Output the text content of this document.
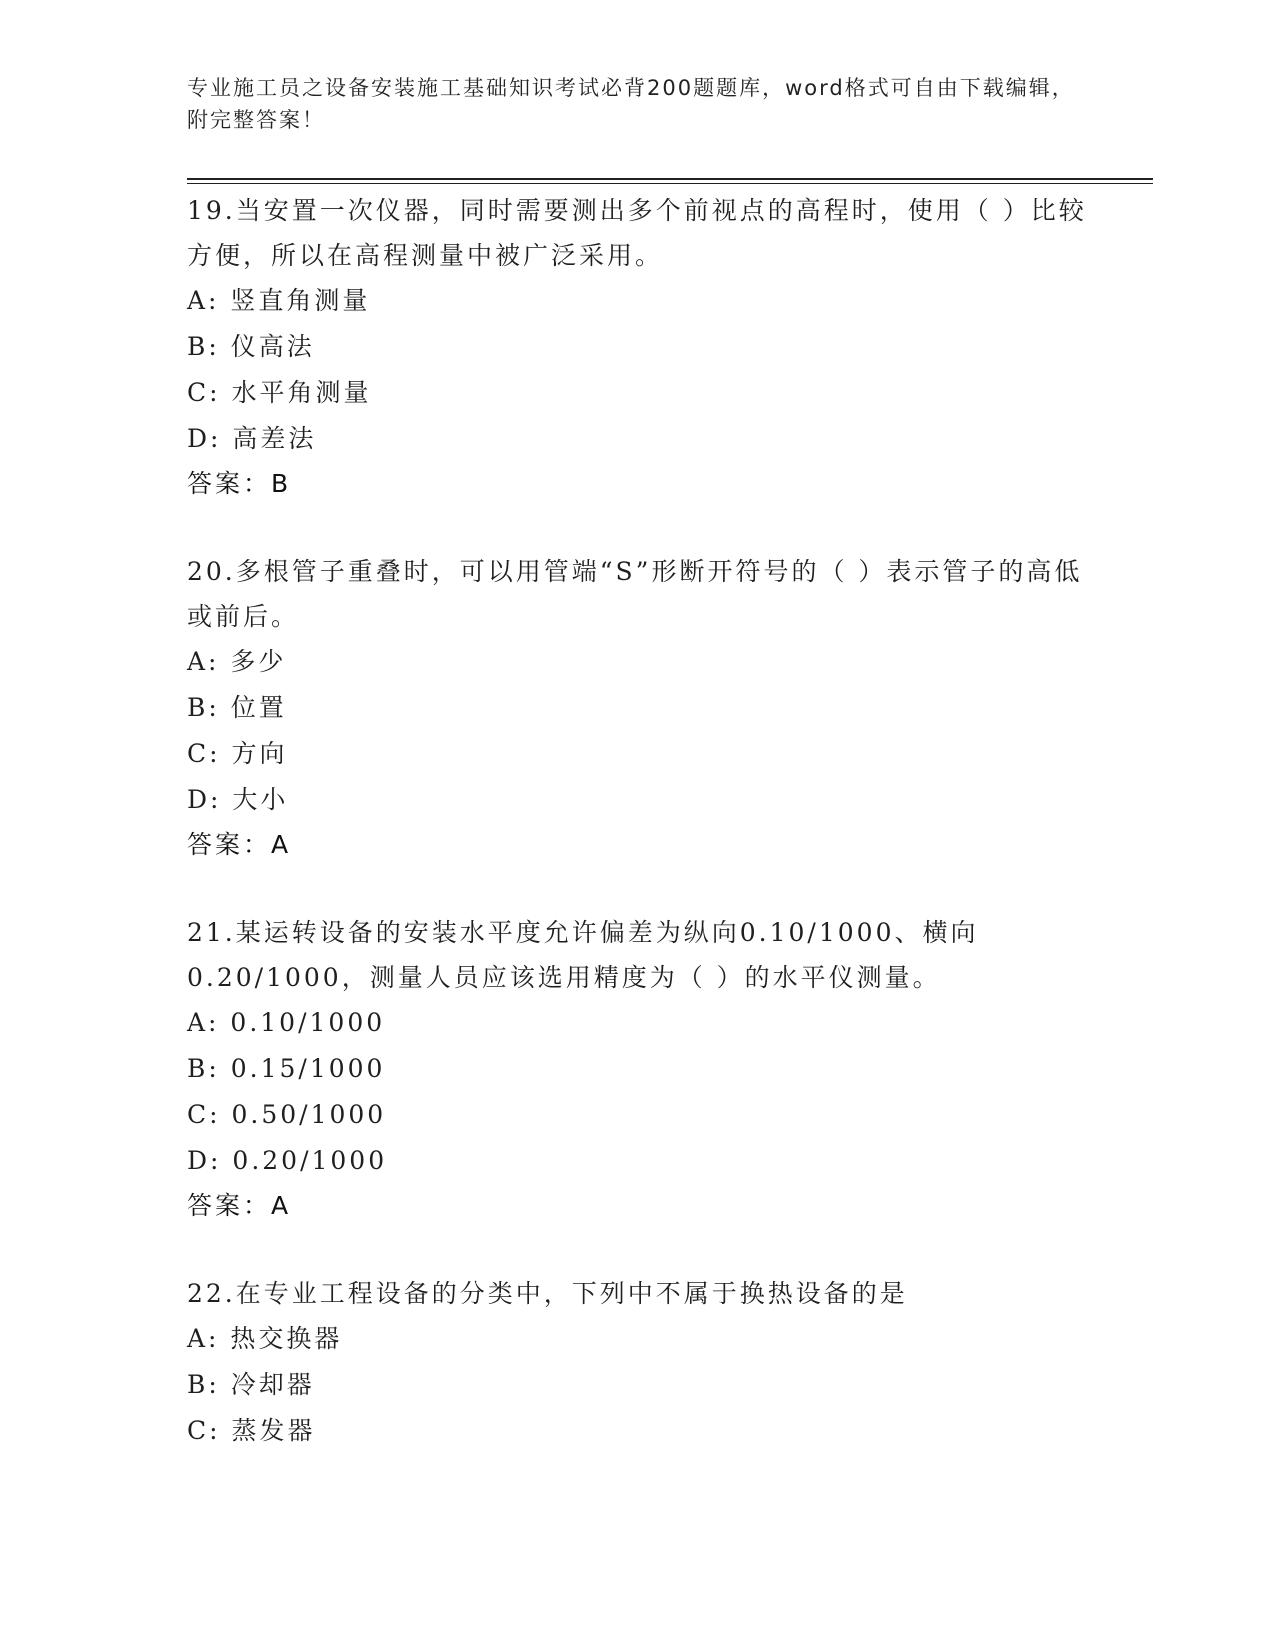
专业施工员之设备安装施工基础知识考试必背200题题库，word格式可自由下载编辑，附完整答案！
19.当安置一次仪器，同时需要测出多个前视点的高程时，使用（ ）比较方便，所以在高程测量中被广泛采用。
A: 竖直角测量
B: 仪高法
C: 水平角测量
D: 高差法
答案：B
20.多根管子重叠时，可以用管端“S”形断开符号的（ ）表示管子的高低或前后。
A: 多少
B: 位置
C: 方向
D: 大小
答案：A
21.某运转设备的安装水平度允许偏差为纵向0.10/1000、横向0.20/1000，测量人员应该选用精度为（ ）的水平仪测量。
A: 0.10/1000
B: 0.15/1000
C: 0.50/1000
D: 0.20/1000
答案：A
22.在专业工程设备的分类中，下列中不属于换热设备的是
A: 热交换器
B: 冷却器
C: 蒸发器
